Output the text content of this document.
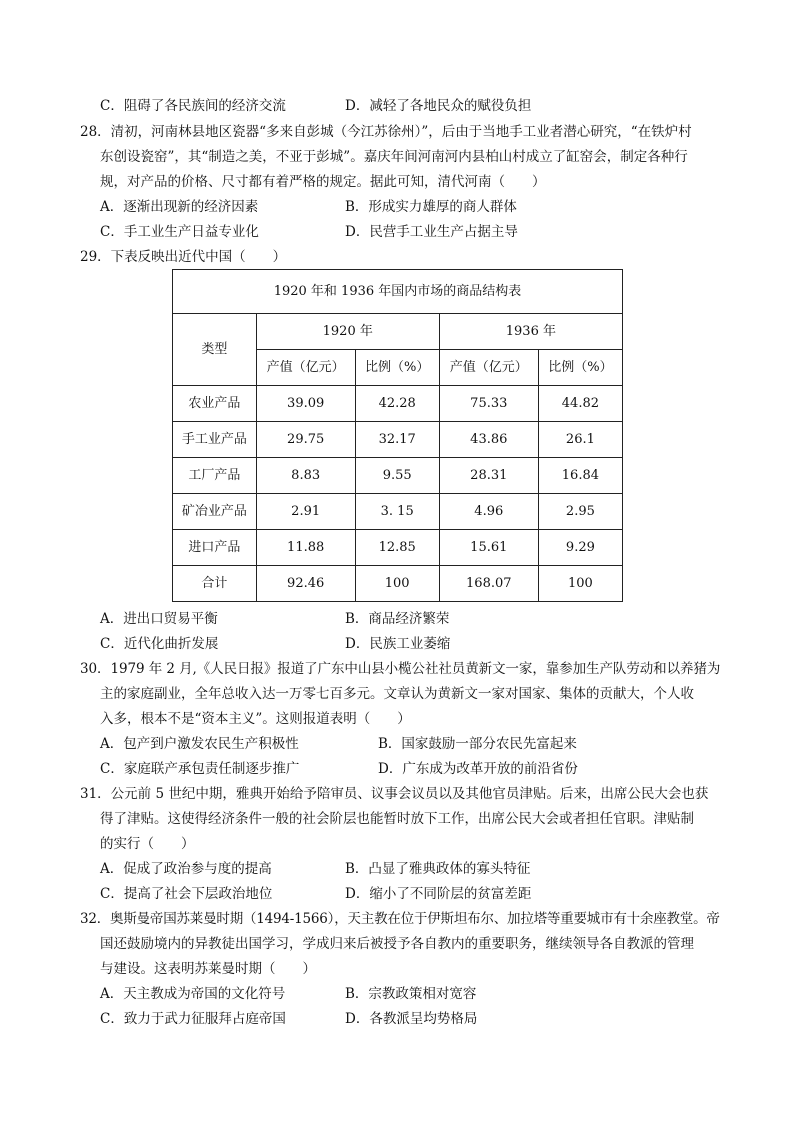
C．阻碍了各民族间的经济交流	D．减轻了各地民众的赋役负担
28．清初，河南林县地区瓷器“多来自彭城（今江苏徐州）”，后由于当地手工业者潜心研究，“在铁炉村
东创设瓷窑”，其“制造之美，不亚于彭城”。嘉庆年间河南河内县柏山村成立了缸窑会，制定各种行
规，对产品的价格、尺寸都有着严格的规定。据此可知，清代河南（　　）
A．逐渐出现新的经济因素	B．形成实力雄厚的商人群体
C．手工业生产日益专业化	D．民营手工业生产占据主导
29．下表反映出近代中国（　　）
1920 年和 1936 年国内市场的商品结构表				
类型	1920 年		1936 年	
	产值（亿元）	比例（%）	产值（亿元）	比例（%）
农业产品	39.09	42.28	75.33	44.82
手工业产品	29.75	32.17	43.86	26.1
工厂产品	8.83	9.55	28.31	16.84
矿冶业产品	2.91	3. 15	4.96	2.95
进口产品	11.88	12.85	15.61	9.29
合计	92.46	100	168.07	100
A．进出口贸易平衡	B．商品经济繁荣
C．近代化曲折发展	D．民族工业萎缩
30．1979 年 2 月,《人民日报》报道了广东中山县小榄公社社员黄新文一家，靠参加生产队劳动和以养猪为
主的家庭副业，全年总收入达一万零七百多元。文章认为黄新文一家对国家、集体的贡献大，个人收
入多，根本不是“资本主义”。这则报道表明（　　）
A．包产到户激发农民生产积极性	B．国家鼓励一部分农民先富起来
C．家庭联产承包责任制逐步推广	D．广东成为改革开放的前沿省份
31．公元前 5 世纪中期，雅典开始给予陪审员、议事会议员以及其他官员津贴。后来，出席公民大会也获
得了津贴。这使得经济条件一般的社会阶层也能暂时放下工作，出席公民大会或者担任官职。津贴制
的实行（　　）
A．促成了政治参与度的提高	B．凸显了雅典政体的寡头特征
C．提高了社会下层政治地位	D．缩小了不同阶层的贫富差距
32．奥斯曼帝国苏莱曼时期（1494-1566），天主教在位于伊斯坦布尔、加拉塔等重要城市有十余座教堂。帝
国还鼓励境内的异教徒出国学习，学成归来后被授予各自教内的重要职务，继续领导各自教派的管理
与建设。这表明苏莱曼时期（　　）
A．天主教成为帝国的文化符号	B．宗教政策相对宽容
C．致力于武力征服拜占庭帝国	D．各教派呈均势格局
